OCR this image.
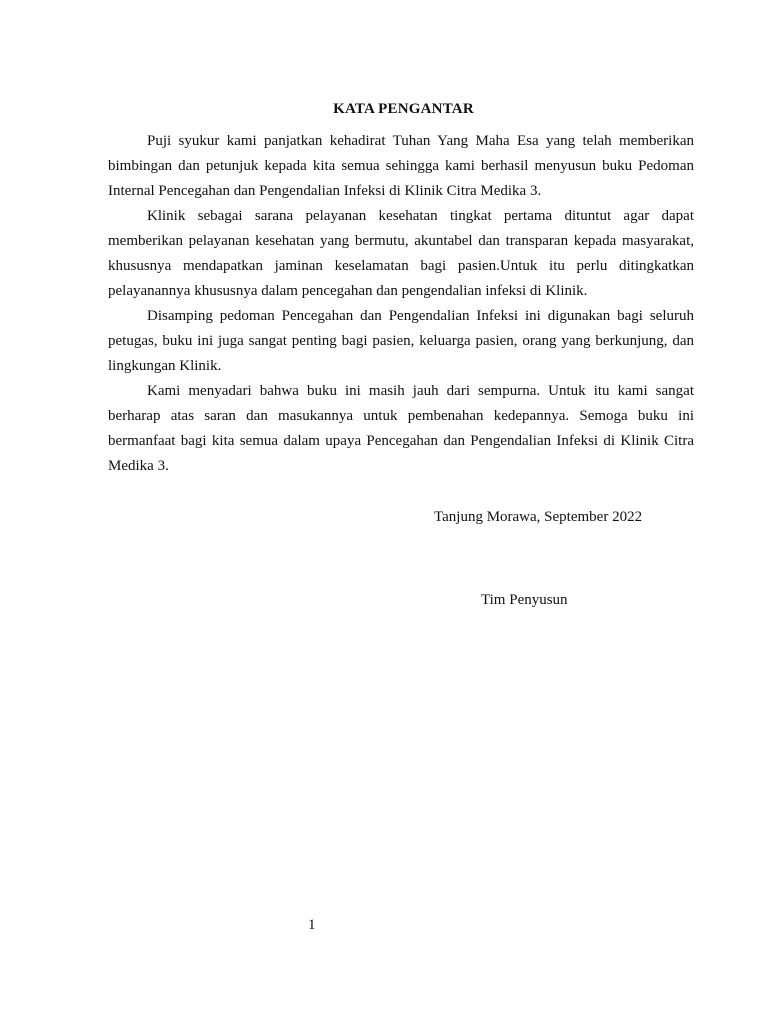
KATA PENGANTAR

Puji syukur kami panjatkan kehadirat Tuhan Yang Maha Esa yang telah memberikan bimbingan dan petunjuk kepada kita semua sehingga kami berhasil menyusun buku Pedoman Internal Pencegahan dan Pengendalian Infeksi di Klinik Citra Medika 3.

Klinik sebagai sarana pelayanan kesehatan tingkat pertama dituntut agar dapat memberikan pelayanan kesehatan yang bermutu, akuntabel dan transparan kepada masyarakat, khususnya mendapatkan jaminan keselamatan bagi pasien.Untuk itu perlu ditingkatkan pelayanannya khususnya dalam pencegahan dan pengendalian infeksi di Klinik.

Disamping pedoman Pencegahan dan Pengendalian Infeksi ini digunakan bagi seluruh petugas, buku ini juga sangat penting bagi pasien, keluarga pasien, orang yang berkunjung, dan lingkungan Klinik.

Kami menyadari bahwa buku ini masih jauh dari sempurna. Untuk itu kami sangat berharap atas saran dan masukannya untuk pembenahan kedepannya. Semoga buku ini bermanfaat bagi kita semua dalam upaya Pencegahan dan Pengendalian Infeksi di Klinik Citra Medika 3.

Tanjung Morawa, September 2022

Tim Penyusun

1
